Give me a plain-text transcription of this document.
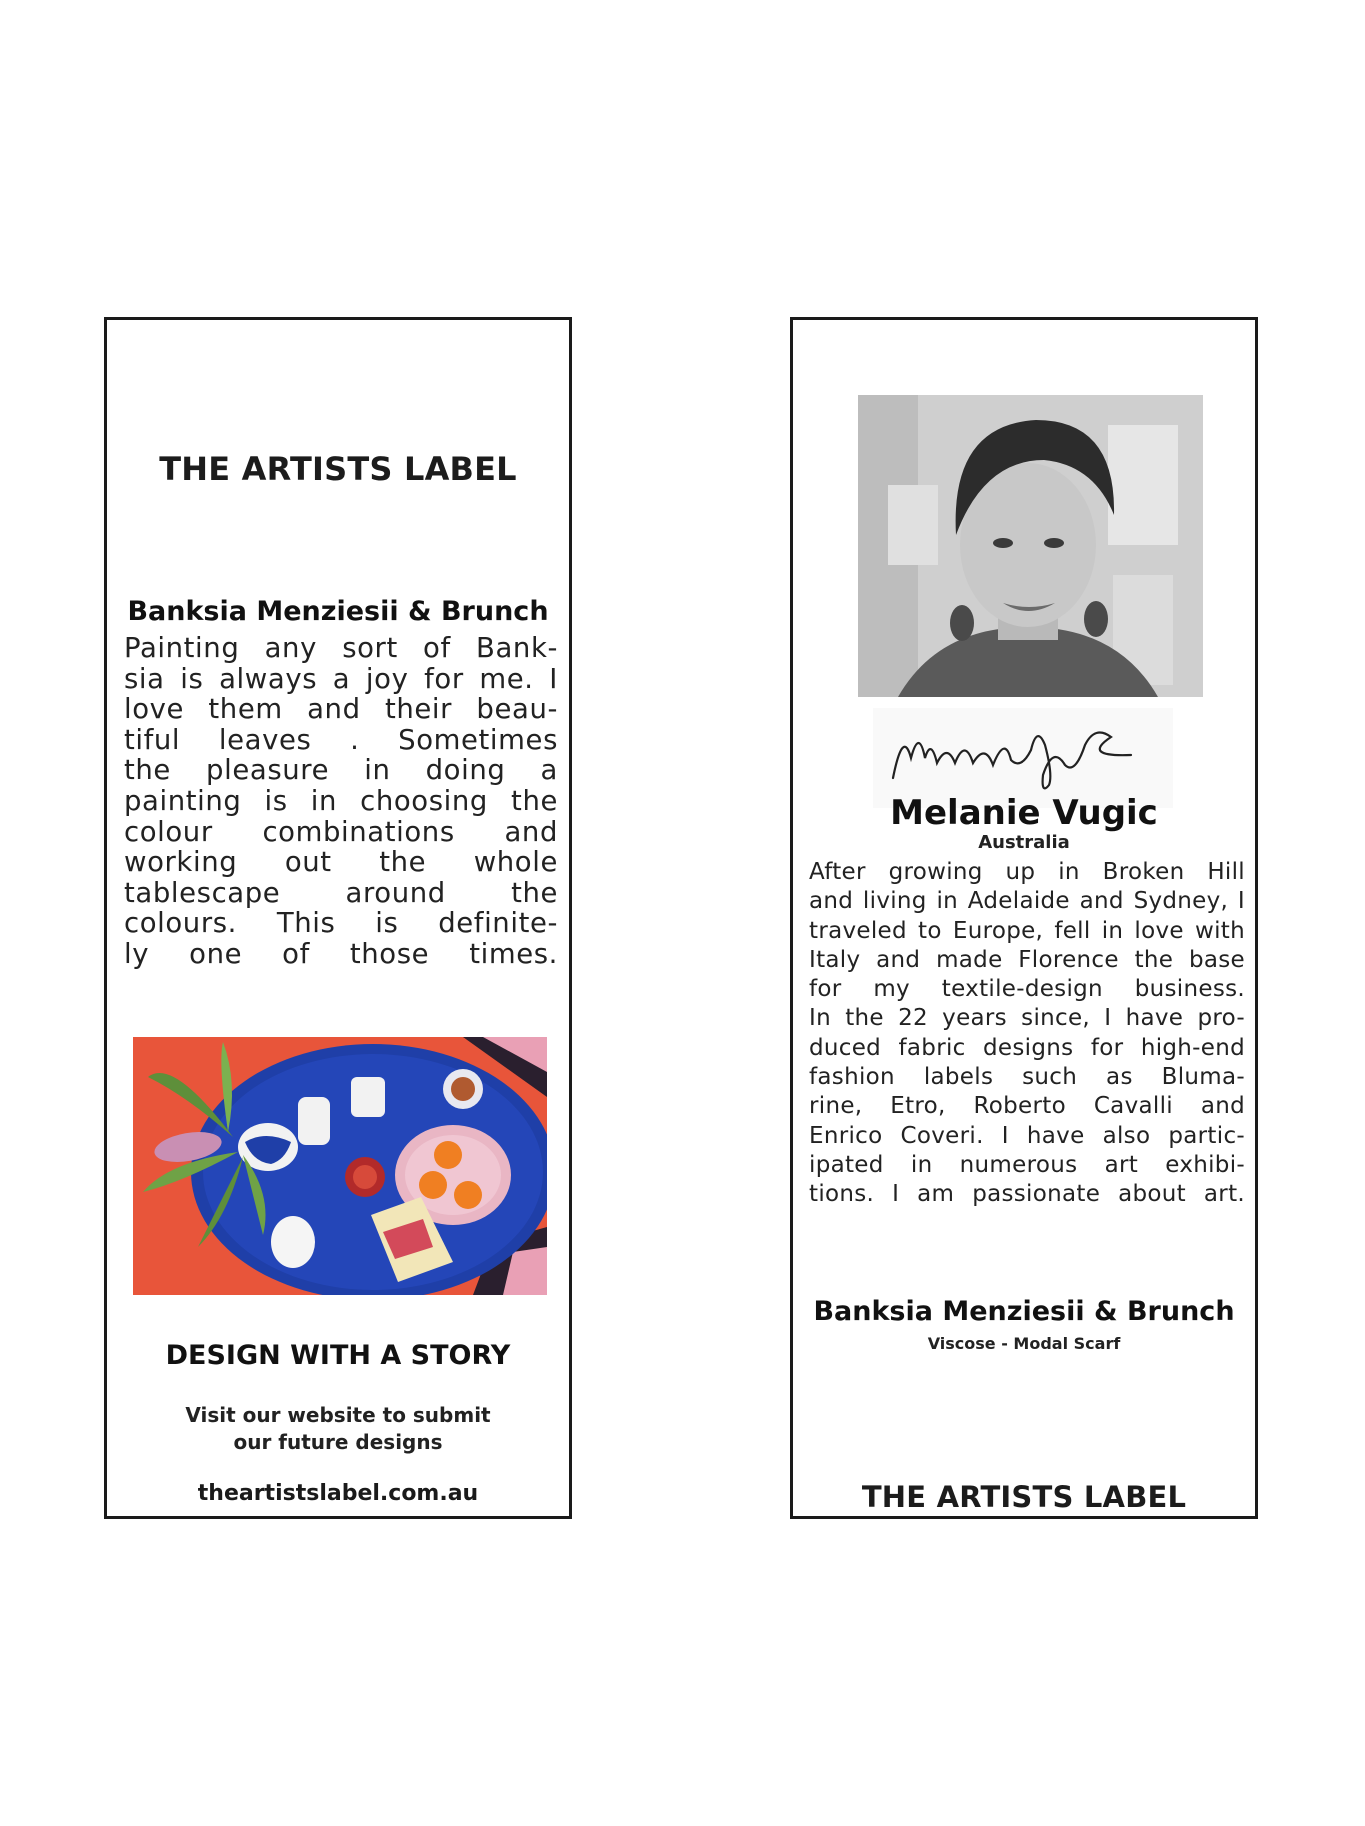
THE ARTISTS LABEL
Banksia Menziesii & Brunch
Painting any sort of Bank-
sia is always a joy for me. I
love them and their beau-
tiful leaves . Sometimes
the pleasure in doing a
painting is in choosing the
colour combinations and
working out the whole
tablescape around the
colours. This is definite-
ly one of those times.
DESIGN WITH A STORY
Visit our website to submit
our future designs
theartistslabel.com.au
Melanie Vugic
Australia
After growing up in Broken Hill
and living in Adelaide and Sydney, I
traveled to Europe, fell in love with
Italy and made Florence the base
for my textile-design business.
In the 22 years since, I have pro-
duced fabric designs for high-end
fashion labels such as Bluma-
rine, Etro, Roberto Cavalli and
Enrico Coveri. I have also partic-
ipated in numerous art exhibi-
tions. I am passionate about art.
Banksia Menziesii & Brunch
Viscose - Modal Scarf
THE ARTISTS LABEL
